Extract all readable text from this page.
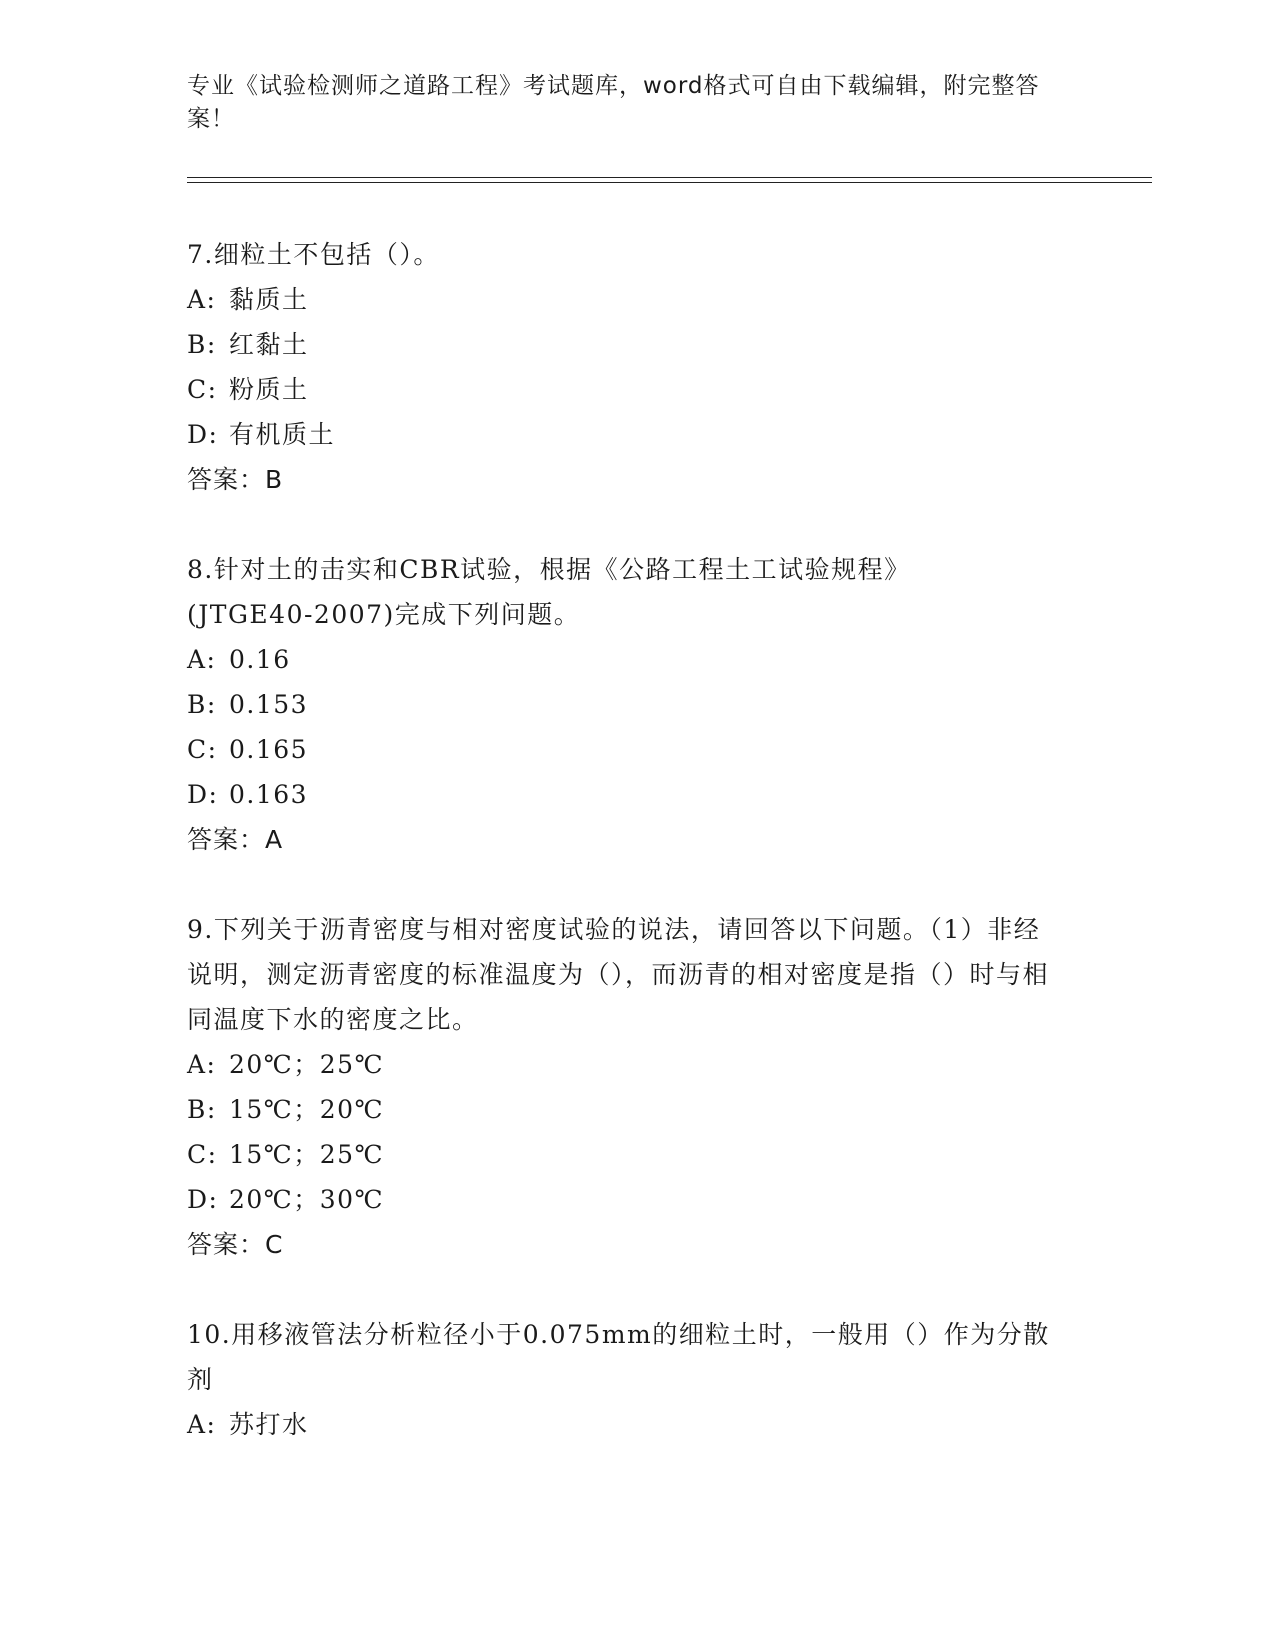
专业《试验检测师之道路工程》考试题库，word格式可自由下载编辑，附完整答案！
7.细粒土不包括（）。
A: 黏质土
B: 红黏土
C: 粉质土
D: 有机质土
答案：B
8.针对土的击实和CBR试验，根据《公路工程土工试验规程》(JTGE40-2007)完成下列问题。
A: 0.16
B: 0.153
C: 0.165
D: 0.163
答案：A
9.下列关于沥青密度与相对密度试验的说法，请回答以下问题。（1）非经说明，测定沥青密度的标准温度为（），而沥青的相对密度是指（）时与相同温度下水的密度之比。
A: 20℃；25℃
B: 15℃；20℃
C: 15℃；25℃
D: 20℃；30℃
答案：C
10.用移液管法分析粒径小于0.075mm的细粒土时，一般用（）作为分散剂
A: 苏打水
